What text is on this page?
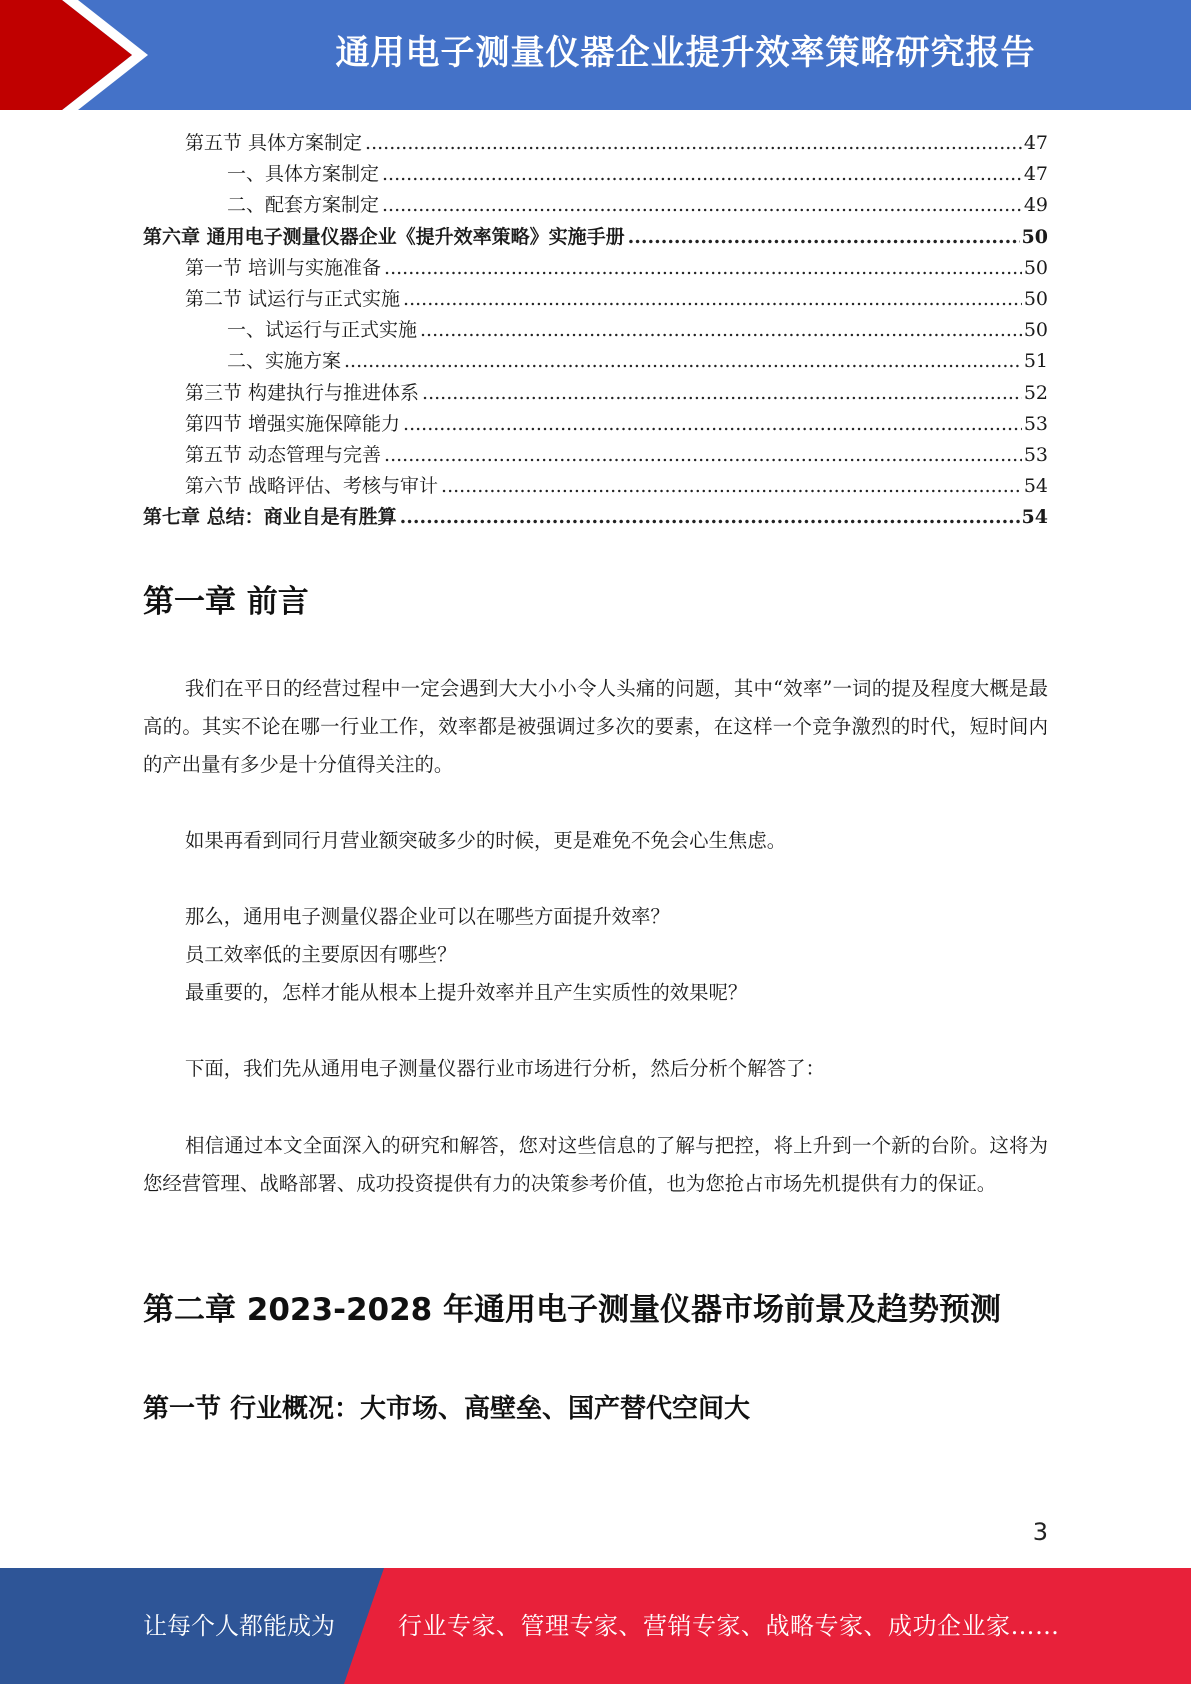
通用电子测量仪器企业提升效率策略研究报告
第五节 具体方案制定 .....	47
一、具体方案制定 .....	47
二、配套方案制定 .....	49
第六章 通用电子测量仪器企业《提升效率策略》实施手册 .....	50
第一节 培训与实施准备 .....	50
第二节 试运行与正式实施 .....	50
一、试运行与正式实施 .....	50
二、实施方案 .....	51
第三节 构建执行与推进体系 .....	52
第四节 增强实施保障能力 .....	53
第五节 动态管理与完善 .....	53
第六节 战略评估、考核与审计 .....	54
第七章 总结：商业自是有胜算 .....	54
第一章 前言

我们在平日的经营过程中一定会遇到大大小小令人头痛的问题，其中“效率”一词的提及程度大概是最高的。其实不论在哪一行业工作，效率都是被强调过多次的要素，在这样一个竞争激烈的时代，短时间内的产出量有多少是十分值得关注的。

如果再看到同行月营业额突破多少的时候，更是难免不免会心生焦虑。

那么，通用电子测量仪器企业可以在哪些方面提升效率？

员工效率低的主要原因有哪些？

最重要的，怎样才能从根本上提升效率并且产生实质性的效果呢？

下面，我们先从通用电子测量仪器行业市场进行分析，然后分析个解答了：

相信通过本文全面深入的研究和解答，您对这些信息的了解与把控，将上升到一个新的台阶。这将为您经营管理、战略部署、成功投资提供有力的决策参考价值，也为您抢占市场先机提供有力的保证。

第二章 2023-2028 年通用电子测量仪器市场前景及趋势预测
第一节 行业概况：大市场、高壁垒、国产替代空间大
3
让每个人都能成为	行业专家、管理专家、营销专家、战略专家、成功企业家……
